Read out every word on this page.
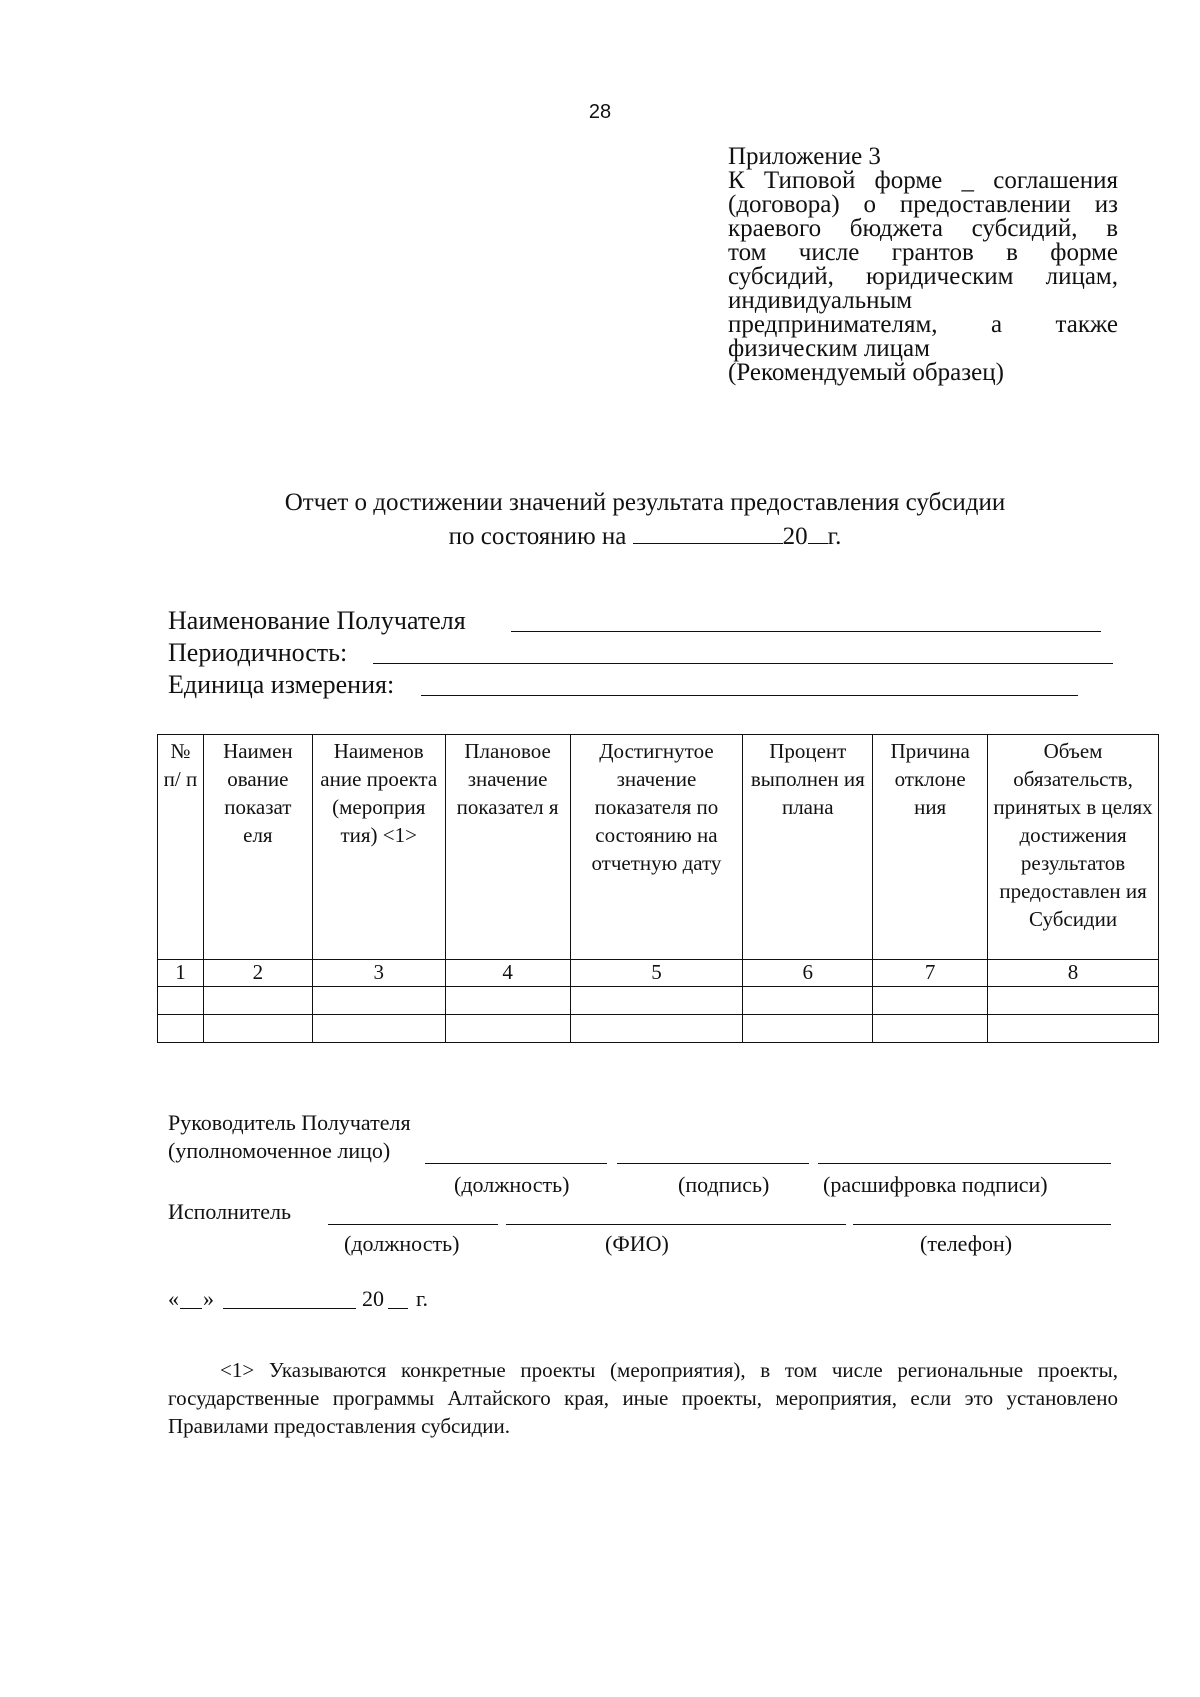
28
Приложение 3
К Типовой форме _ соглашения
(договора) о предоставлении из
краевого бюджета субсидий, в
том числе грантов в форме
субсидий, юридическим лицам,
индивидуальным
предпринимателям, а также
физическим лицам
(Рекомендуемый образец)
Отчет о достижении значений результата предоставления субсидии
по состоянию на	20 г.
Наименование Получателя
Периодичность:
Единица измерения:
№ п/ п	Наимен ование показат еля	Наименов ание проекта (мероприя тия) <1>	Плановое значение показател я	Достигнутое значение показателя по состоянию на отчетную дату	Процент выполнен ия плана	Причина отклоне ния	Объем обязательств, принятых в целях достижения результатов предоставлен ия Субсидии
1	2	3	4	5	6	7	8

Руководитель Получателя
(уполномоченное лицо)
(должность)	(подпись) (расшифровка подписи)
Исполнитель
(должность)	(ФИО)	(телефон)
« »	20 г.
<1> Указываются конкретные проекты (мероприятия), в том числе региональные проекты, государственные программы Алтайского края, иные проекты, мероприятия, если это установлено Правилами предоставления субсидии.
